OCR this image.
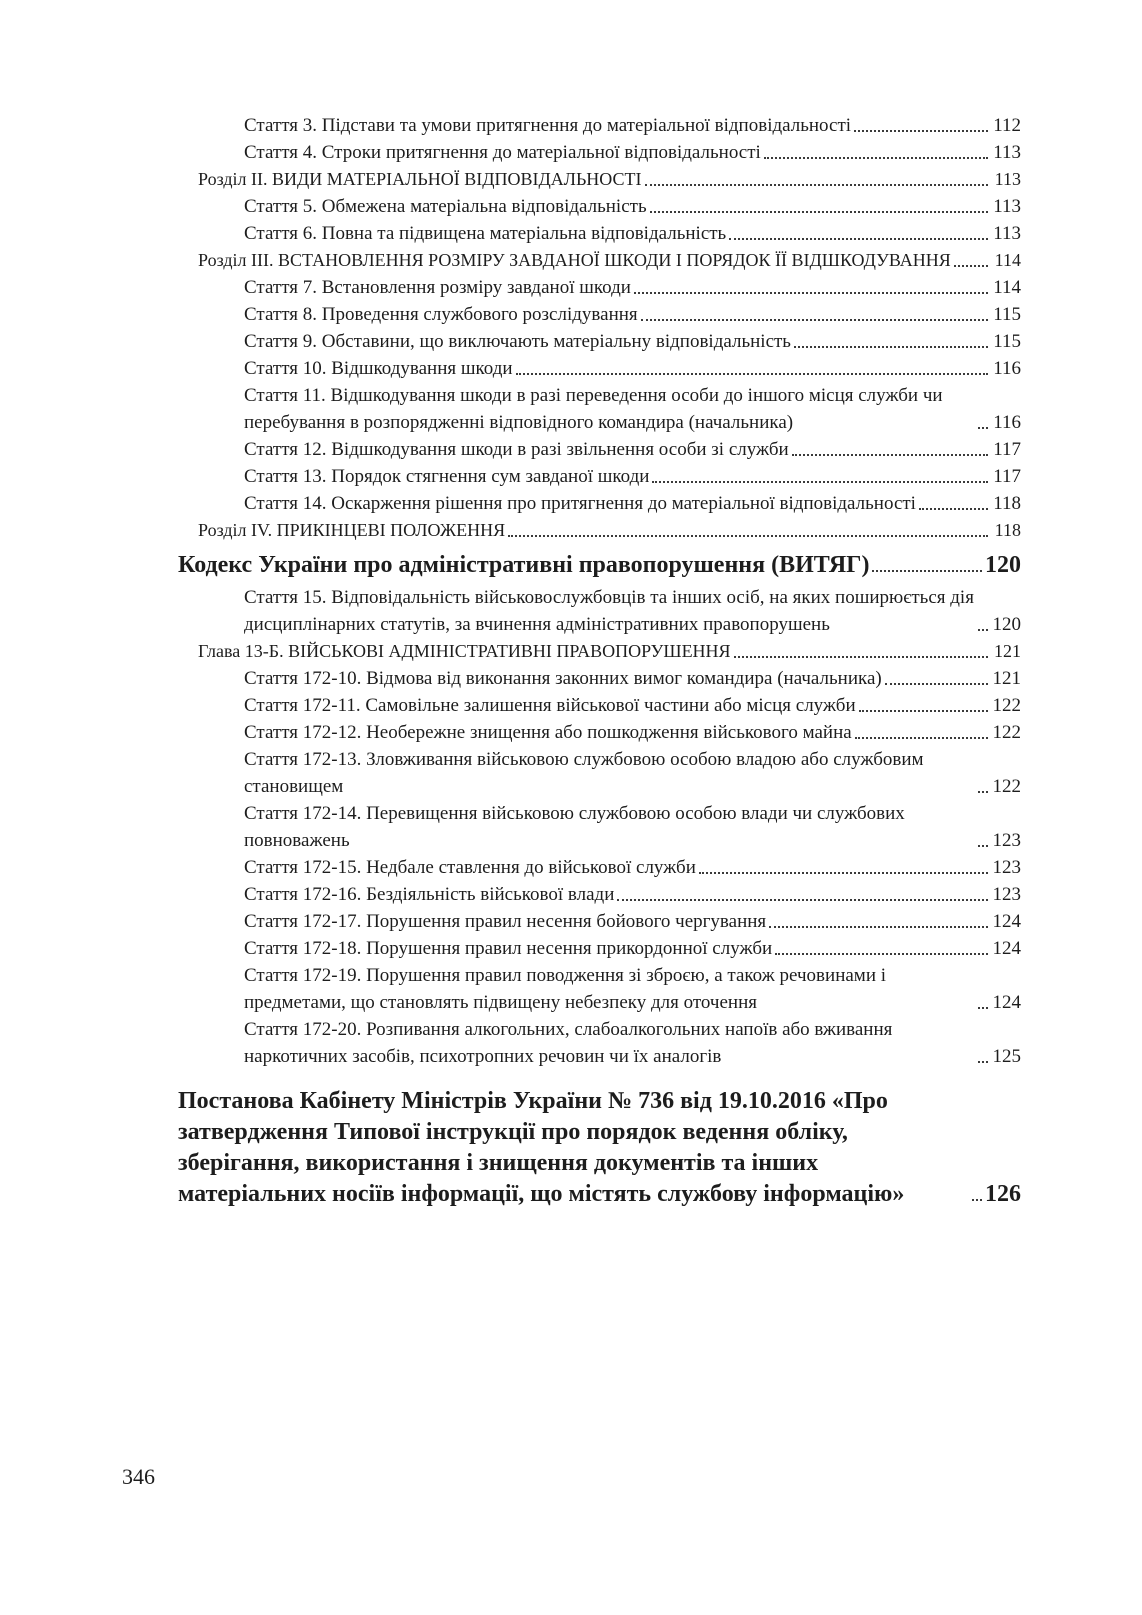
Стаття 3. Підстави та умови притягнення до матеріальної відповідальності	112
Стаття 4. Строки притягнення до матеріальної відповідальності	113
Розділ II. ВИДИ МАТЕРІАЛЬНОЇ ВІДПОВІДАЛЬНОСТІ	113
Стаття 5. Обмежена матеріальна відповідальність	113
Стаття 6. Повна та підвищена матеріальна відповідальність	113
Розділ III. ВСТАНОВЛЕННЯ РОЗМІРУ ЗАВДАНОЇ ШКОДИ І ПОРЯДОК ЇЇ ВІДШКОДУВАННЯ 114
Стаття 7. Встановлення розміру завданої шкоди	114
Стаття 8. Проведення службового розслідування	115
Стаття 9. Обставини, що виключають матеріальну відповідальність	115
Стаття 10. Відшкодування шкоди	116
Стаття 11. Відшкодування шкоди в разі переведення особи до іншого місця служби чи перебування в розпорядженні відповідного командира (начальника)	116
Стаття 12. Відшкодування шкоди в разі звільнення особи зі служби	117
Стаття 13. Порядок стягнення сум завданої шкоди	117
Стаття 14. Оскарження рішення про притягнення до матеріальної відповідальності	118
Розділ IV. ПРИКІНЦЕВІ ПОЛОЖЕННЯ	118
Кодекс України про адміністративні правопорушення (ВИТЯГ)	120
Стаття 15. Відповідальність військовослужбовців та інших осіб, на яких поширюється дія дисциплінарних статутів, за вчинення адміністративних правопорушень	120
Глава 13-Б. ВІЙСЬКОВІ АДМІНІСТРАТИВНІ ПРАВОПОРУШЕННЯ	121
Стаття 172-10. Відмова від виконання законних вимог командира (начальника)	121
Стаття 172-11. Самовільне залишення військової частини або місця служби	122
Стаття 172-12. Необережне знищення або пошкодження військового майна	122
Стаття 172-13. Зловживання військовою службовою особою владою або службовим становищем	122
Стаття 172-14. Перевищення військовою службовою особою влади чи службових повноважень	123
Стаття 172-15. Недбале ставлення до військової служби	123
Стаття 172-16. Бездіяльність військової влади	123
Стаття 172-17. Порушення правил несення бойового чергування	124
Стаття 172-18. Порушення правил несення прикордонної служби	124
Стаття 172-19. Порушення правил поводження зі зброєю, а також речовинами і предметами, що становлять підвищену небезпеку для оточення	124
Стаття 172-20. Розпивання алкогольних, слабоалкогольних напоїв або вживання наркотичних засобів, психотропних речовин чи їх аналогів	125
Постанова Кабінету Міністрів України № 736 від 19.10.2016 «Про затвердження Типової інструкції про порядок ведення обліку, зберігання, використання і знищення документів та інших матеріальних носіїв інформації, що містять службову інформацію»	126
346
